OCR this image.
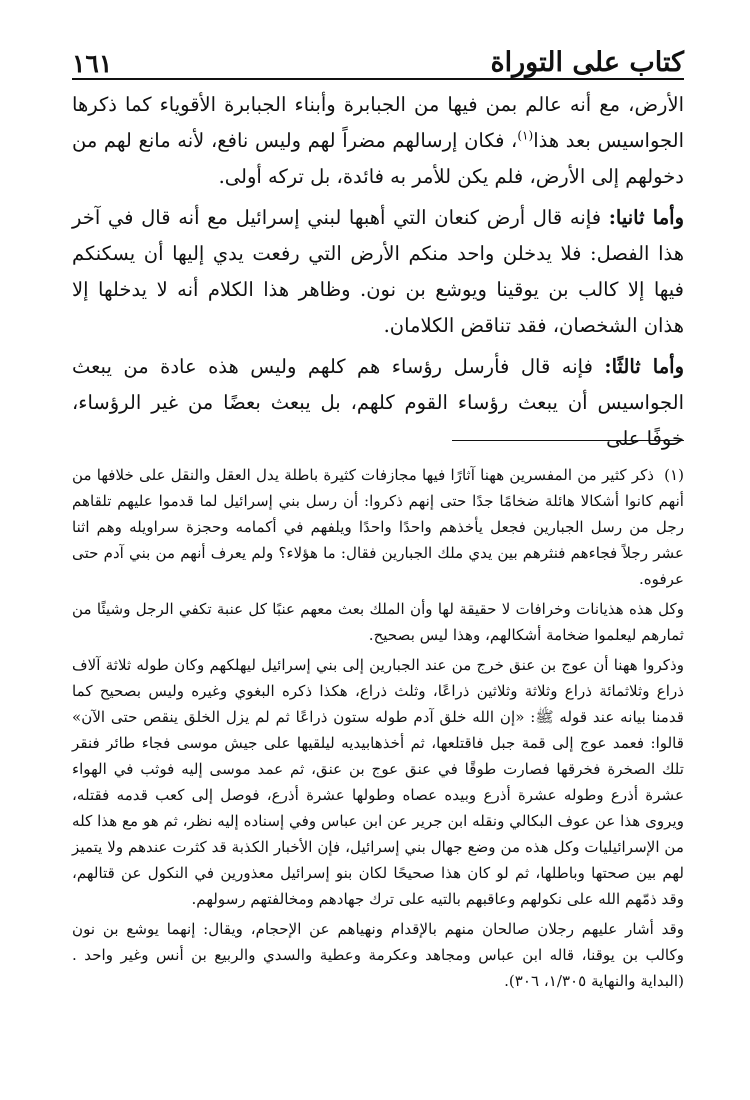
كتاب على التوراة
١٦١

الأرض، مع أنه عالم بمن فيها من الجبابرة وأبناء الجبابرة الأقوياء كما ذكرها الجواسيس بعد هذا$^{(١)}$، فكان إرسالهم مضراً لهم وليس نافع، لأنه مانع لهم من دخولهم إلى الأرض، فلم يكن للأمر به فائدة، بل تركه أولى.

وأما ثانيا: فإنه قال أرض كنعان التي أهبها لبني إسرائيل مع أنه قال في آخر هذا الفصل: فلا يدخلن واحد منكم الأرض التي رفعت يدي إليها أن يسكنكم فيها إلا كالب بن يوقينا ويوشع بن نون. وظاهر هذا الكلام أنه لا يدخلها إلا هذان الشخصان، فقد تناقض الكلامان.

وأما ثالثًا: فإنه قال فأرسل رؤساء هم كلهم وليس هذه عادة من يبعث الجواسيس أن يبعث رؤساء القوم كلهم، بل يبعث بعضًا من غير الرؤساء، خوفًا على

(١)ذكر كثير من المفسرين ههنا آثارًا فيها مجازفات كثيرة باطلة يدل العقل والنقل على خلافها من أنهم كانوا أشكالا هائلة ضخامًا جدًا حتى إنهم ذكروا: أن رسل بني إسرائيل لما قدموا عليهم تلقاهم رجل من رسل الجبارين فجعل يأخذهم واحدًا واحدًا ويلفهم في أكمامه وحجزة سراويله وهم اثنا عشر رجلاً فجاءهم فنثرهم بين يدي ملك الجبارين فقال: ما هؤلاء؟ ولم يعرف أنهم من بني آدم حتى عرفوه.

وكل هذه هذيانات وخرافات لا حقيقة لها وأن الملك بعث معهم عنبًا كل عنبة تكفي الرجل وشيئًا من ثمارهم ليعلموا ضخامة أشكالهم، وهذا ليس بصحيح.

وذكروا ههنا أن عوج بن عنق خرج من عند الجبارين إلى بني إسرائيل ليهلكهم وكان طوله ثلاثة آلاف ذراع وثلاثمائة ذراع وثلاثة وثلاثين ذراعًا، وثلث ذراع، هكذا ذكره البغوي وغيره وليس بصحيح كما قدمنا بيانه عند قوله ﷺ: «إن الله خلق آدم طوله ستون ذراعًا ثم لم يزل الخلق ينقص حتى الآن» قالوا: فعمد عوج إلى قمة جبل فاقتلعها، ثم أخذهابيديه ليلقيها على جيش موسى فجاء طائر فنقر تلك الصخرة فخرقها فصارت طوقًا في عنق عوج بن عنق، ثم عمد موسى إليه فوثب في الهواء عشرة أذرع وطوله عشرة أذرع وبيده عصاه وطولها عشرة أذرع، فوصل إلى كعب قدمه فقتله، ويروى هذا عن عوف البكالي ونقله ابن جرير عن ابن عباس وفي إسناده إليه نظر، ثم هو مع هذا كله من الإسرائيليات وكل هذه من وضع جهال بني إسرائيل، فإن الأخبار الكذبة قد كثرت عندهم ولا يتميز لهم بين صحتها وباطلها، ثم لو كان هذا صحيحًا لكان بنو إسرائيل معذورين في النكول عن قتالهم، وقد ذمّهم الله على نكولهم وعاقبهم بالتيه على ترك جهادهم ومخالفتهم رسولهم.

وقد أشار عليهم رجلان صالحان منهم بالإقدام ونهياهم عن الإحجام، ويقال: إنهما يوشع بن نون وكالب بن يوقنا، قاله ابن عباس ومجاهد وعكرمة وعطية والسدي والربيع بن أنس وغير واحد . (البداية والنهاية ١/٣٠٥، ٣٠٦).
